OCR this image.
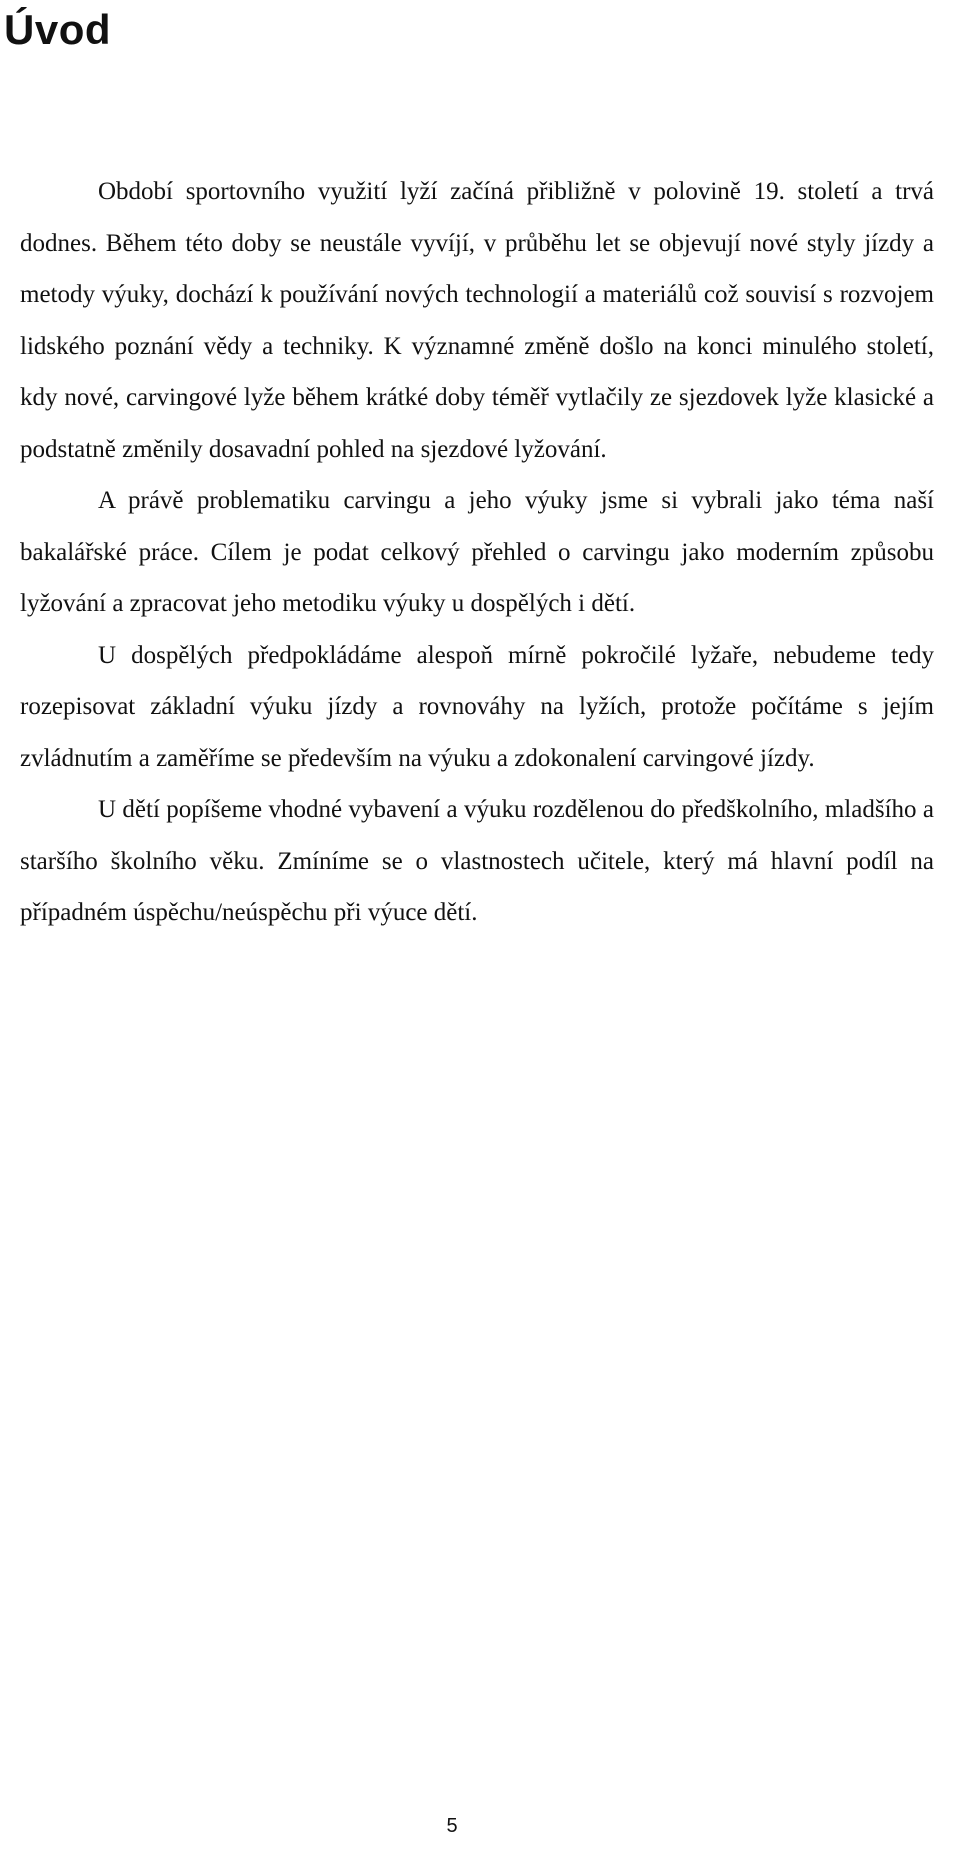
Úvod

Období sportovního využití lyží začíná přibližně v polovině 19. století a trvá dodnes. Během této doby se neustále vyvíjí, v průběhu let se objevují nové styly jízdy a metody výuky, dochází k používání nových technologií a materiálů což souvisí s rozvojem lidského poznání vědy a techniky. K významné změně došlo na konci minulého století, kdy nové, carvingové lyže během krátké doby téměř vytlačily ze sjezdovek lyže klasické a podstatně změnily dosavadní pohled na sjezdové lyžování.

A právě problematiku carvingu a jeho výuky jsme si vybrali jako téma naší bakalářské práce. Cílem je podat celkový přehled o carvingu jako moderním způsobu lyžování a zpracovat jeho metodiku výuky u dospělých i dětí.

U dospělých předpokládáme alespoň mírně pokročilé lyžaře, nebudeme tedy rozepisovat základní výuku jízdy a rovnováhy na lyžích, protože počítáme s jejím zvládnutím a zaměříme se především na výuku a zdokonalení carvingové jízdy.

U dětí popíšeme vhodné vybavení a výuku rozdělenou do předškolního, mladšího a staršího školního věku. Zmíníme se o vlastnostech učitele, který má hlavní podíl na případném úspěchu/neúspěchu při výuce dětí.

5
